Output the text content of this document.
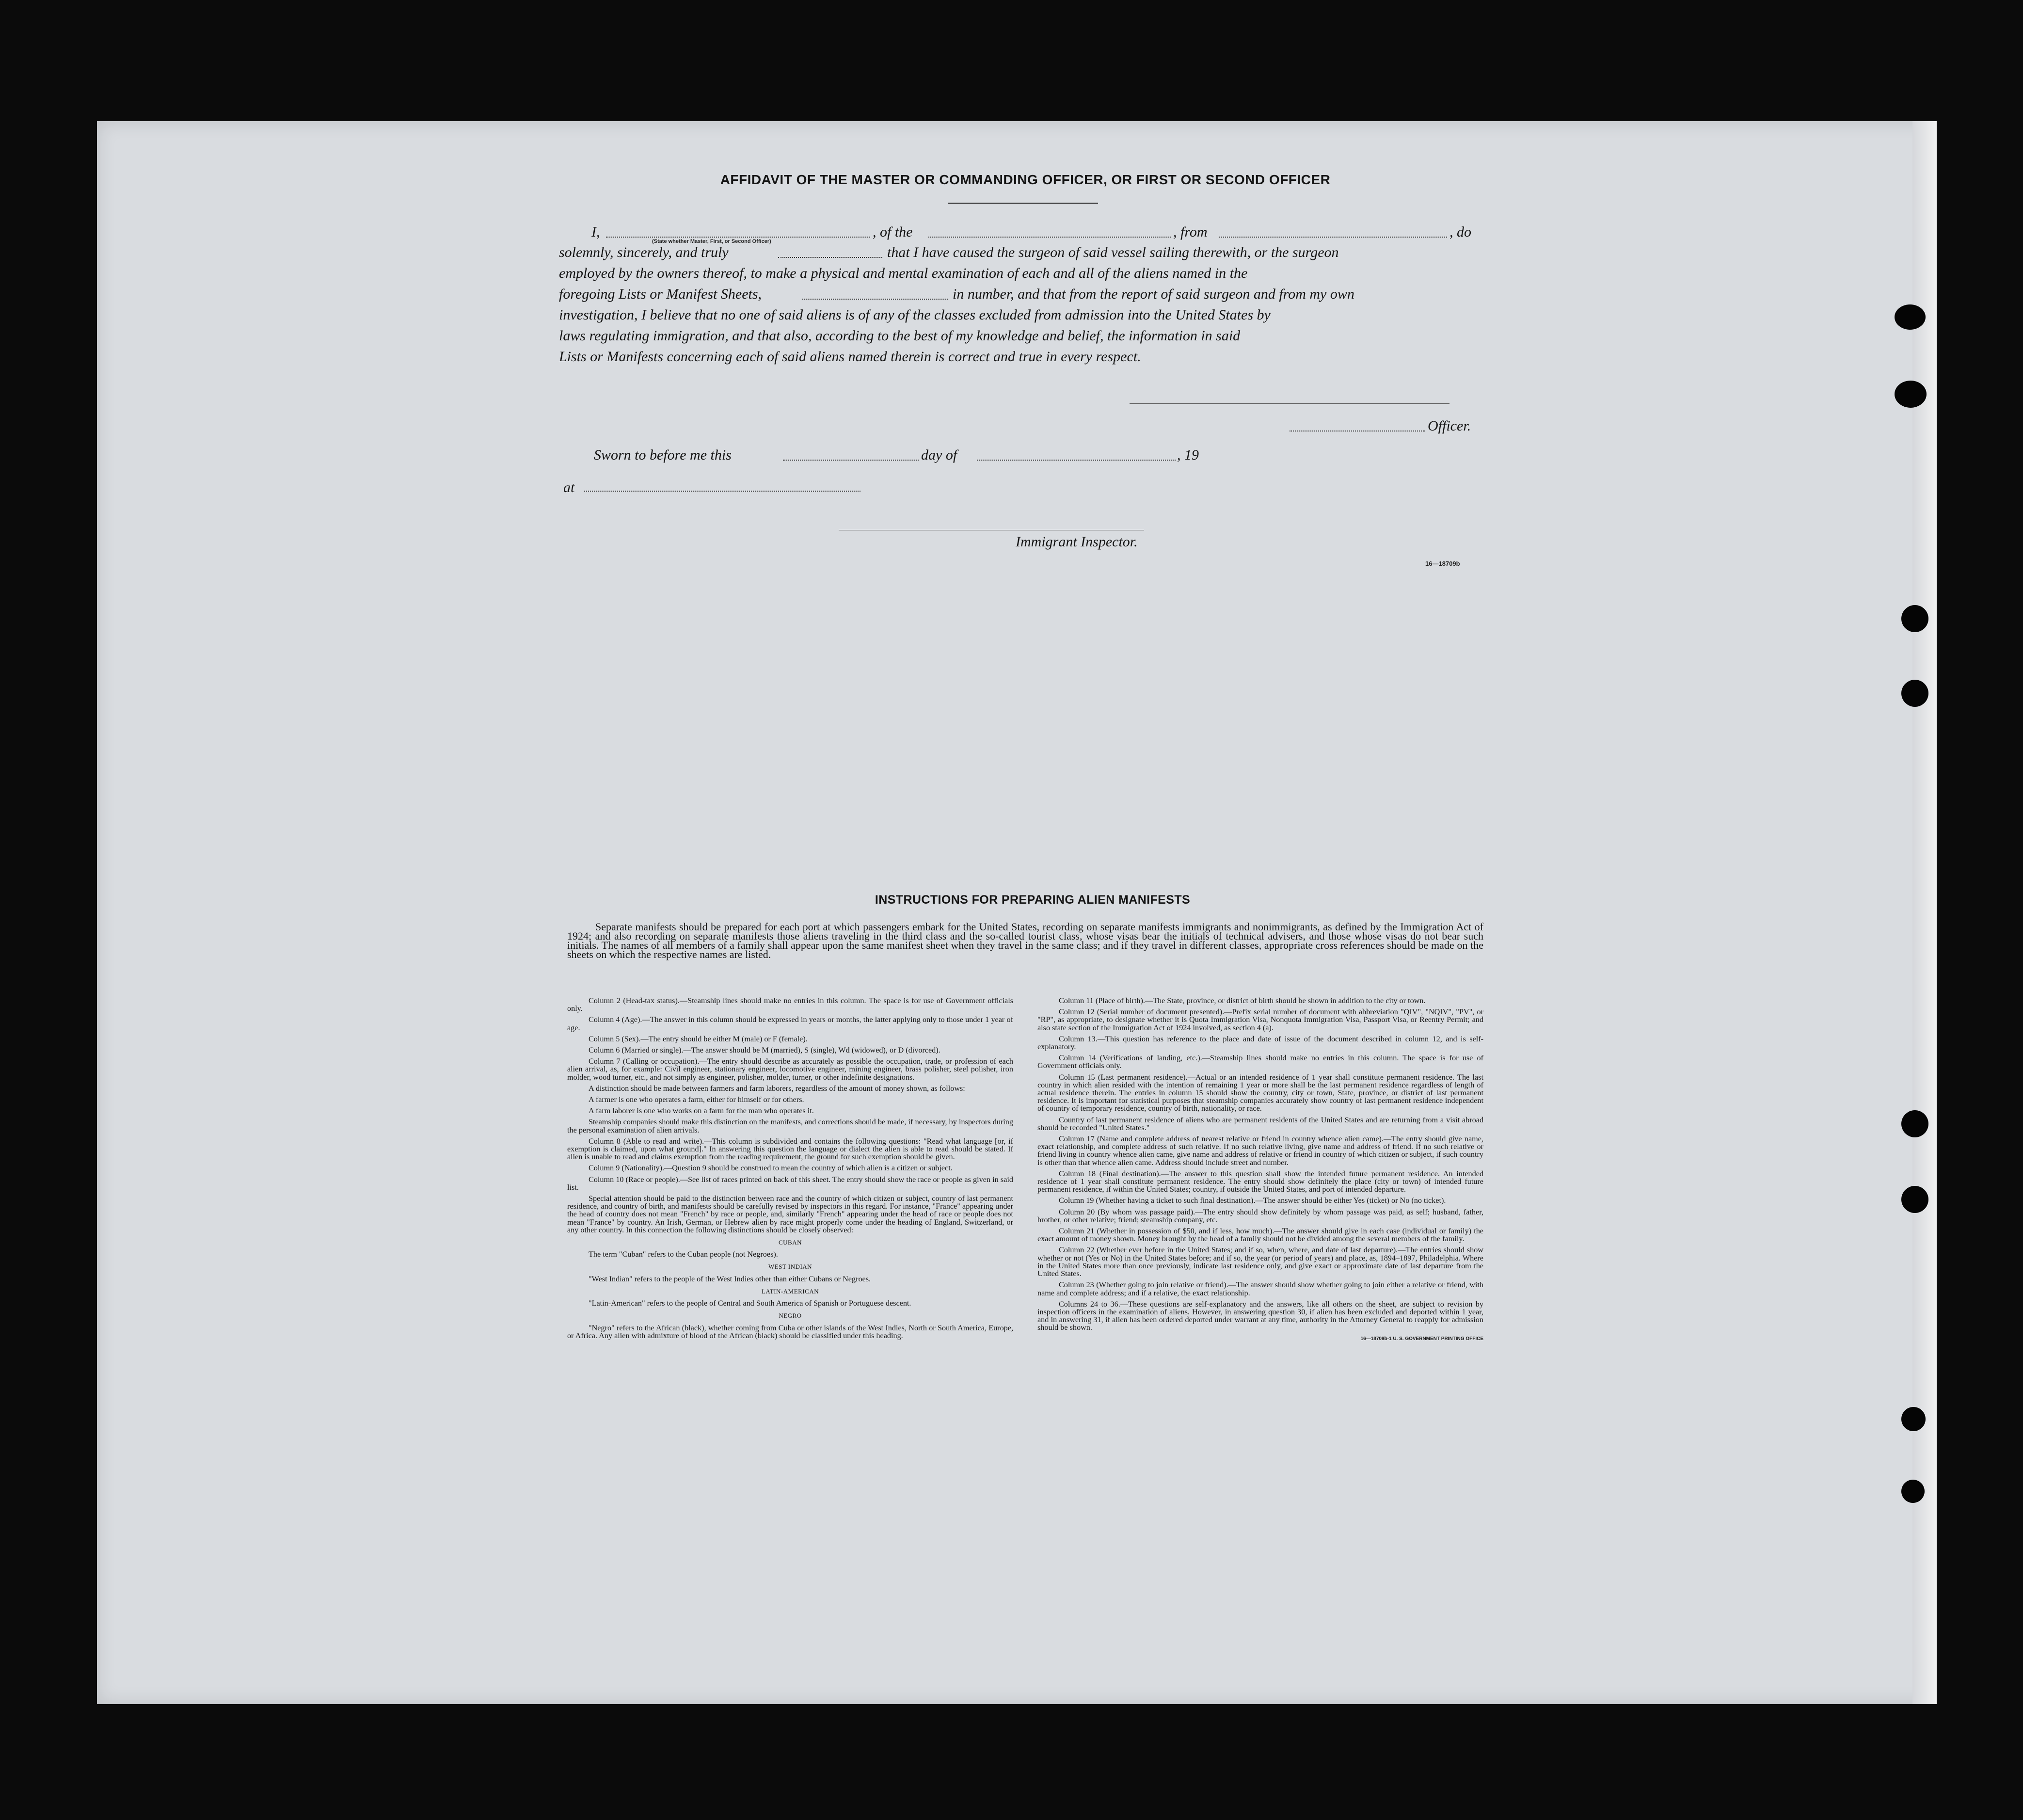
AFFIDAVIT OF THE MASTER OR COMMANDING OFFICER, OR FIRST OR SECOND OFFICER
I,
(State whether Master, First, or Second Officer)
, of the	, from	, do
solemnly, sincerely, and truly	that I have caused the surgeon of said vessel sailing therewith, or the surgeon
employed by the owners thereof, to make a physical and mental examination of each and all of the aliens named in the
foregoing Lists or Manifest Sheets,	in number, and that from the report of said surgeon and from my own
investigation, I believe that no one of said aliens is of any of the classes excluded from admission into the United States by
laws regulating immigration, and that also, according to the best of my knowledge and belief, the information in said
Lists or Manifests concerning each of said aliens named therein is correct and true in every respect.
Officer.
Sworn to before me this	day of	, 19
at
Immigrant Inspector.
16—18709b
INSTRUCTIONS FOR PREPARING ALIEN MANIFESTS

Separate manifests should be prepared for each port at which passengers embark for the United States, recording on separate manifests immigrants and nonimmigrants, as defined by the Immigration Act of 1924; and also recording on separate manifests those aliens traveling in the third class and the so-called tourist class, whose visas bear the initials of technical advisers, and those whose visas do not bear such initials. The names of all members of a family shall appear upon the same manifest sheet when they travel in the same class; and if they travel in different classes, appropriate cross references should be made on the sheets on which the respective names are listed.

Column 2 (Head-tax status).—Steamship lines should make no entries in this column. The space is for use of Government officials only.

Column 4 (Age).—The answer in this column should be expressed in years or months, the latter applying only to those under 1 year of age.

Column 5 (Sex).—The entry should be either M (male) or F (female).

Column 6 (Married or single).—The answer should be M (married), S (single), Wd (widowed), or D (divorced).

Column 7 (Calling or occupation).—The entry should describe as accurately as possible the occupation, trade, or profession of each alien arrival, as, for example: Civil engineer, stationary engineer, locomotive engineer, mining engineer, brass polisher, steel polisher, iron molder, wood turner, etc., and not simply as engineer, polisher, molder, turner, or other indefinite designations.

A distinction should be made between farmers and farm laborers, regardless of the amount of money shown, as follows:

A farmer is one who operates a farm, either for himself or for others.

A farm laborer is one who works on a farm for the man who operates it.

Steamship companies should make this distinction on the manifests, and corrections should be made, if necessary, by inspectors during the personal examination of alien arrivals.

Column 8 (Able to read and write).—This column is subdivided and contains the following questions: "Read what language [or, if exemption is claimed, upon what ground]." In answering this question the language or dialect the alien is able to read should be stated. If alien is unable to read and claims exemption from the reading requirement, the ground for such exemption should be given.

Column 9 (Nationality).—Question 9 should be construed to mean the country of which alien is a citizen or subject.

Column 10 (Race or people).—See list of races printed on back of this sheet. The entry should show the race or people as given in said list.

Special attention should be paid to the distinction between race and the country of which citizen or subject, country of last permanent residence, and country of birth, and manifests should be carefully revised by inspectors in this regard. For instance, "France" appearing under the head of country does not mean "French" by race or people, and, similarly "French" appearing under the head of race or people does not mean "France" by country. An Irish, German, or Hebrew alien by race might properly come under the heading of England, Switzerland, or any other country. In this connection the following distinctions should be closely observed:

CUBAN

The term "Cuban" refers to the Cuban people (not Negroes).

WEST INDIAN

"West Indian" refers to the people of the West Indies other than either Cubans or Negroes.

LATIN-AMERICAN

"Latin-American" refers to the people of Central and South America of Spanish or Portuguese descent.

NEGRO

"Negro" refers to the African (black), whether coming from Cuba or other islands of the West Indies, North or South America, Europe, or Africa. Any alien with admixture of blood of the African (black) should be classified under this heading.

Column 11 (Place of birth).—The State, province, or district of birth should be shown in addition to the city or town.

Column 12 (Serial number of document presented).—Prefix serial number of document with abbreviation "QIV", "NQIV", "PV", or "RP", as appropriate, to designate whether it is Quota Immigration Visa, Nonquota Immigration Visa, Passport Visa, or Reentry Permit; and also state section of the Immigration Act of 1924 involved, as section 4 (a).

Column 13.—This question has reference to the place and date of issue of the document described in column 12, and is self-explanatory.

Column 14 (Verifications of landing, etc.).—Steamship lines should make no entries in this column. The space is for use of Government officials only.

Column 15 (Last permanent residence).—Actual or an intended residence of 1 year shall constitute permanent residence. The last country in which alien resided with the intention of remaining 1 year or more shall be the last permanent residence regardless of length of actual residence therein. The entries in column 15 should show the country, city or town, State, province, or district of last permanent residence. It is important for statistical purposes that steamship companies accurately show country of last permanent residence independent of country of temporary residence, country of birth, nationality, or race.

Country of last permanent residence of aliens who are permanent residents of the United States and are returning from a visit abroad should be recorded "United States."

Column 17 (Name and complete address of nearest relative or friend in country whence alien came).—The entry should give name, exact relationship, and complete address of such relative. If no such relative living, give name and address of friend. If no such relative or friend living in country whence alien came, give name and address of relative or friend in country of which citizen or subject, if such country is other than that whence alien came. Address should include street and number.

Column 18 (Final destination).—The answer to this question shall show the intended future permanent residence. An intended residence of 1 year shall constitute permanent residence. The entry should show definitely the place (city or town) of intended future permanent residence, if within the United States; country, if outside the United States, and port of intended departure.

Column 19 (Whether having a ticket to such final destination).—The answer should be either Yes (ticket) or No (no ticket).

Column 20 (By whom was passage paid).—The entry should show definitely by whom passage was paid, as self; husband, father, brother, or other relative; friend; steamship company, etc.

Column 21 (Whether in possession of $50, and if less, how much).—The answer should give in each case (individual or family) the exact amount of money shown. Money brought by the head of a family should not be divided among the several members of the family.

Column 22 (Whether ever before in the United States; and if so, when, where, and date of last departure).—The entries should show whether or not (Yes or No) in the United States before; and if so, the year (or period of years) and place, as, 1894–1897, Philadelphia. Where in the United States more than once previously, indicate last residence only, and give exact or approximate date of last departure from the United States.

Column 23 (Whether going to join relative or friend).—The answer should show whether going to join either a relative or friend, with name and complete address; and if a relative, the exact relationship.

Columns 24 to 36.—These questions are self-explanatory and the answers, like all others on the sheet, are subject to revision by inspection officers in the examination of aliens. However, in answering question 30, if alien has been excluded and deported within 1 year, and in answering 31, if alien has been ordered deported under warrant at any time, authority in the Attorney General to reapply for admission should be shown.

16—18709b-1 U. S. GOVERNMENT PRINTING OFFICE
